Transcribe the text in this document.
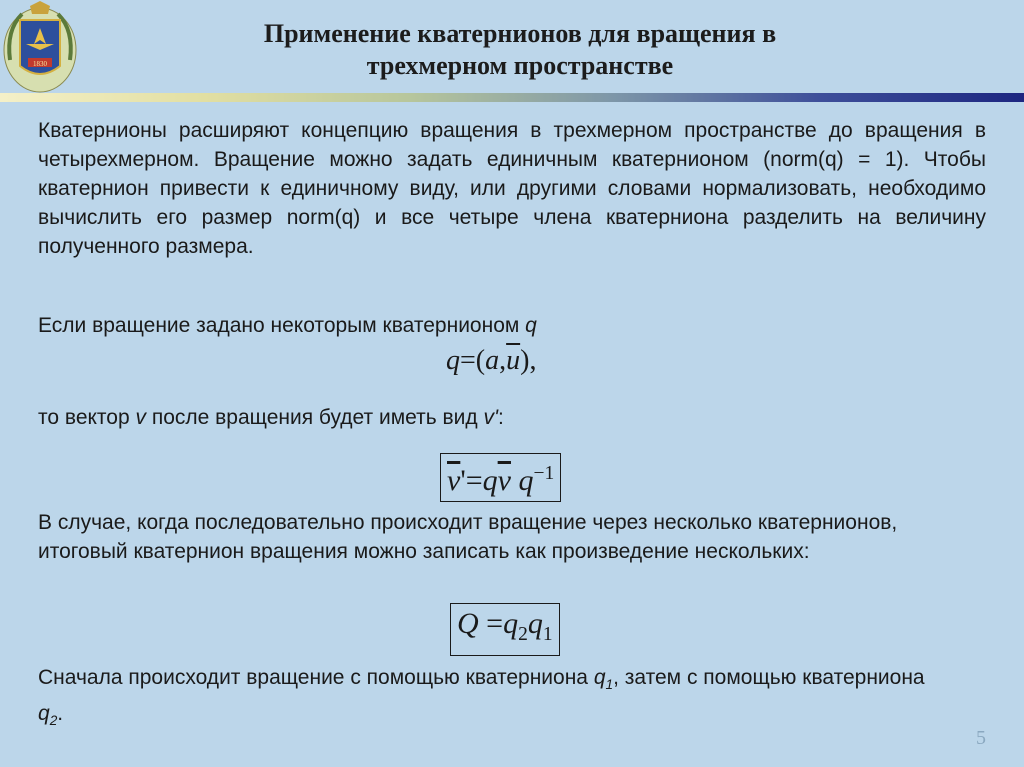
1830
Применение кватернионов для вращения в
трехмерном пространстве
Кватернионы расширяют концепцию вращения в трехмерном пространстве до вращения в четырехмерном. Вращение можно задать единичным кватернионом (norm(q) = 1). Чтобы кватернион привести к единичному виду, или другими словами нормализовать, необходимо вычислить его размер norm(q) и все четыре члена кватерниона разделить на величину полученного размера.
Если вращение задано некоторым кватернионом q
$q=(a,\overline{u})$,
то вектор v после вращения будет иметь вид v':
$\overline{v}'=q\overline{v}$ $q^{-1}$
В случае, когда последовательно происходит вращение через несколько кватернионов, итоговый кватернион вращения можно записать как произведение нескольких:
$Q =q_2q_1$
Сначала происходит вращение с помощью кватерниона $q_1$, затем с помощью кватерниона $q_2$.
5
